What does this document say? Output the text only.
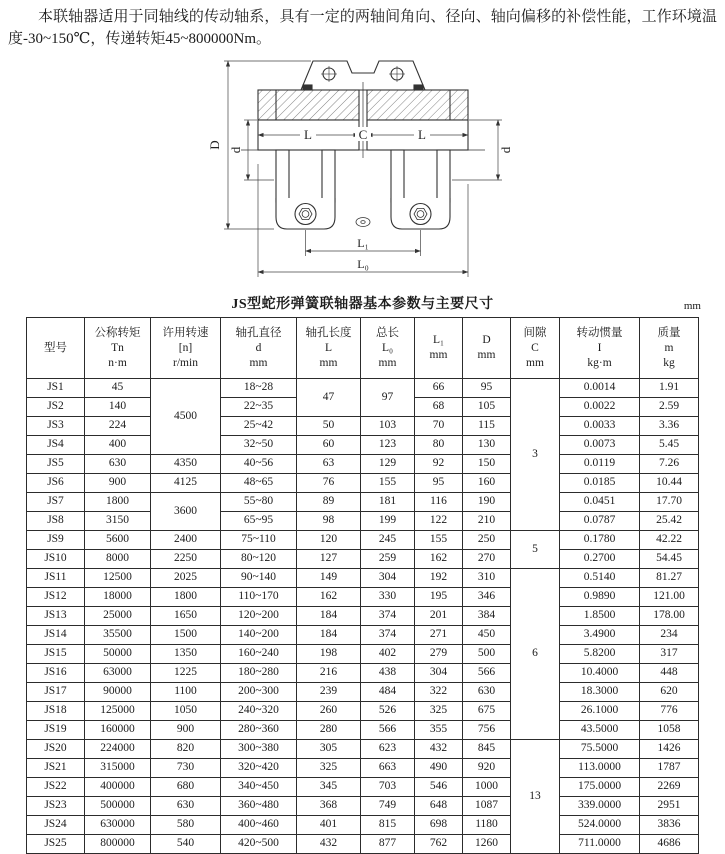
本联轴器适用于同轴线的传动轴系，具有一定的两轴间角向、径向、轴向偏移的补偿性能，工作环境温度-30~150℃，传递转矩45~800000Nm。

D
d	d
L	C	L
L₁
L₀
JS型蛇形弹簧联轴器基本参数与主要尺寸	mm
型号

公称转矩
Tn
n·m

许用转速
[n]
r/min

轴孔直径
d
mm

轴孔长度
L
mm

总长
L₀
mm

L₁
mm

D
mm

间隙
C
mm

转动惯量
I
kg·m

质量
m
kg

JS1	45	4500	18~28	47	97	66	95	3	0.0014	1.91
JS2	140		22~35			68	105		0.0022	2.59
JS3	224		25~42	50	103	70	115		0.0033	3.36
JS4	400		32~50	60	123	80	130		0.0073	5.45
JS5	630	4350	40~56	63	129	92	150		0.0119	7.26
JS6	900	4125	48~65	76	155	95	160		0.0185	10.44
JS7	1800	3600	55~80	89	181	116	190		0.0451	17.70
JS8	3150		65~95	98	199	122	210		0.0787	25.42
JS9	5600	2400	75~110	120	245	155	250	5	0.1780	42.22
JS10	8000	2250	80~120	127	259	162	270		0.2700	54.45
JS11	12500	2025	90~140	149	304	192	310	6	0.5140	81.27
JS12	18000	1800	110~170	162	330	195	346		0.9890	121.00
JS13	25000	1650	120~200	184	374	201	384		1.8500	178.00
JS14	35500	1500	140~200	184	374	271	450		3.4900	234
JS15	50000	1350	160~240	198	402	279	500		5.8200	317
JS16	63000	1225	180~280	216	438	304	566		10.4000	448
JS17	90000	1100	200~300	239	484	322	630		18.3000	620
JS18	125000	1050	240~320	260	526	325	675		26.1000	776
JS19	160000	900	280~360	280	566	355	756		43.5000	1058
JS20	224000	820	300~380	305	623	432	845	13	75.5000	1426
JS21	315000	730	320~420	325	663	490	920		113.0000	1787
JS22	400000	680	340~450	345	703	546	1000		175.0000	2269
JS23	500000	630	360~480	368	749	648	1087		339.0000	2951
JS24	630000	580	400~460	401	815	698	1180		524.0000	3836
JS25	800000	540	420~500	432	877	762	1260		711.0000	4686
